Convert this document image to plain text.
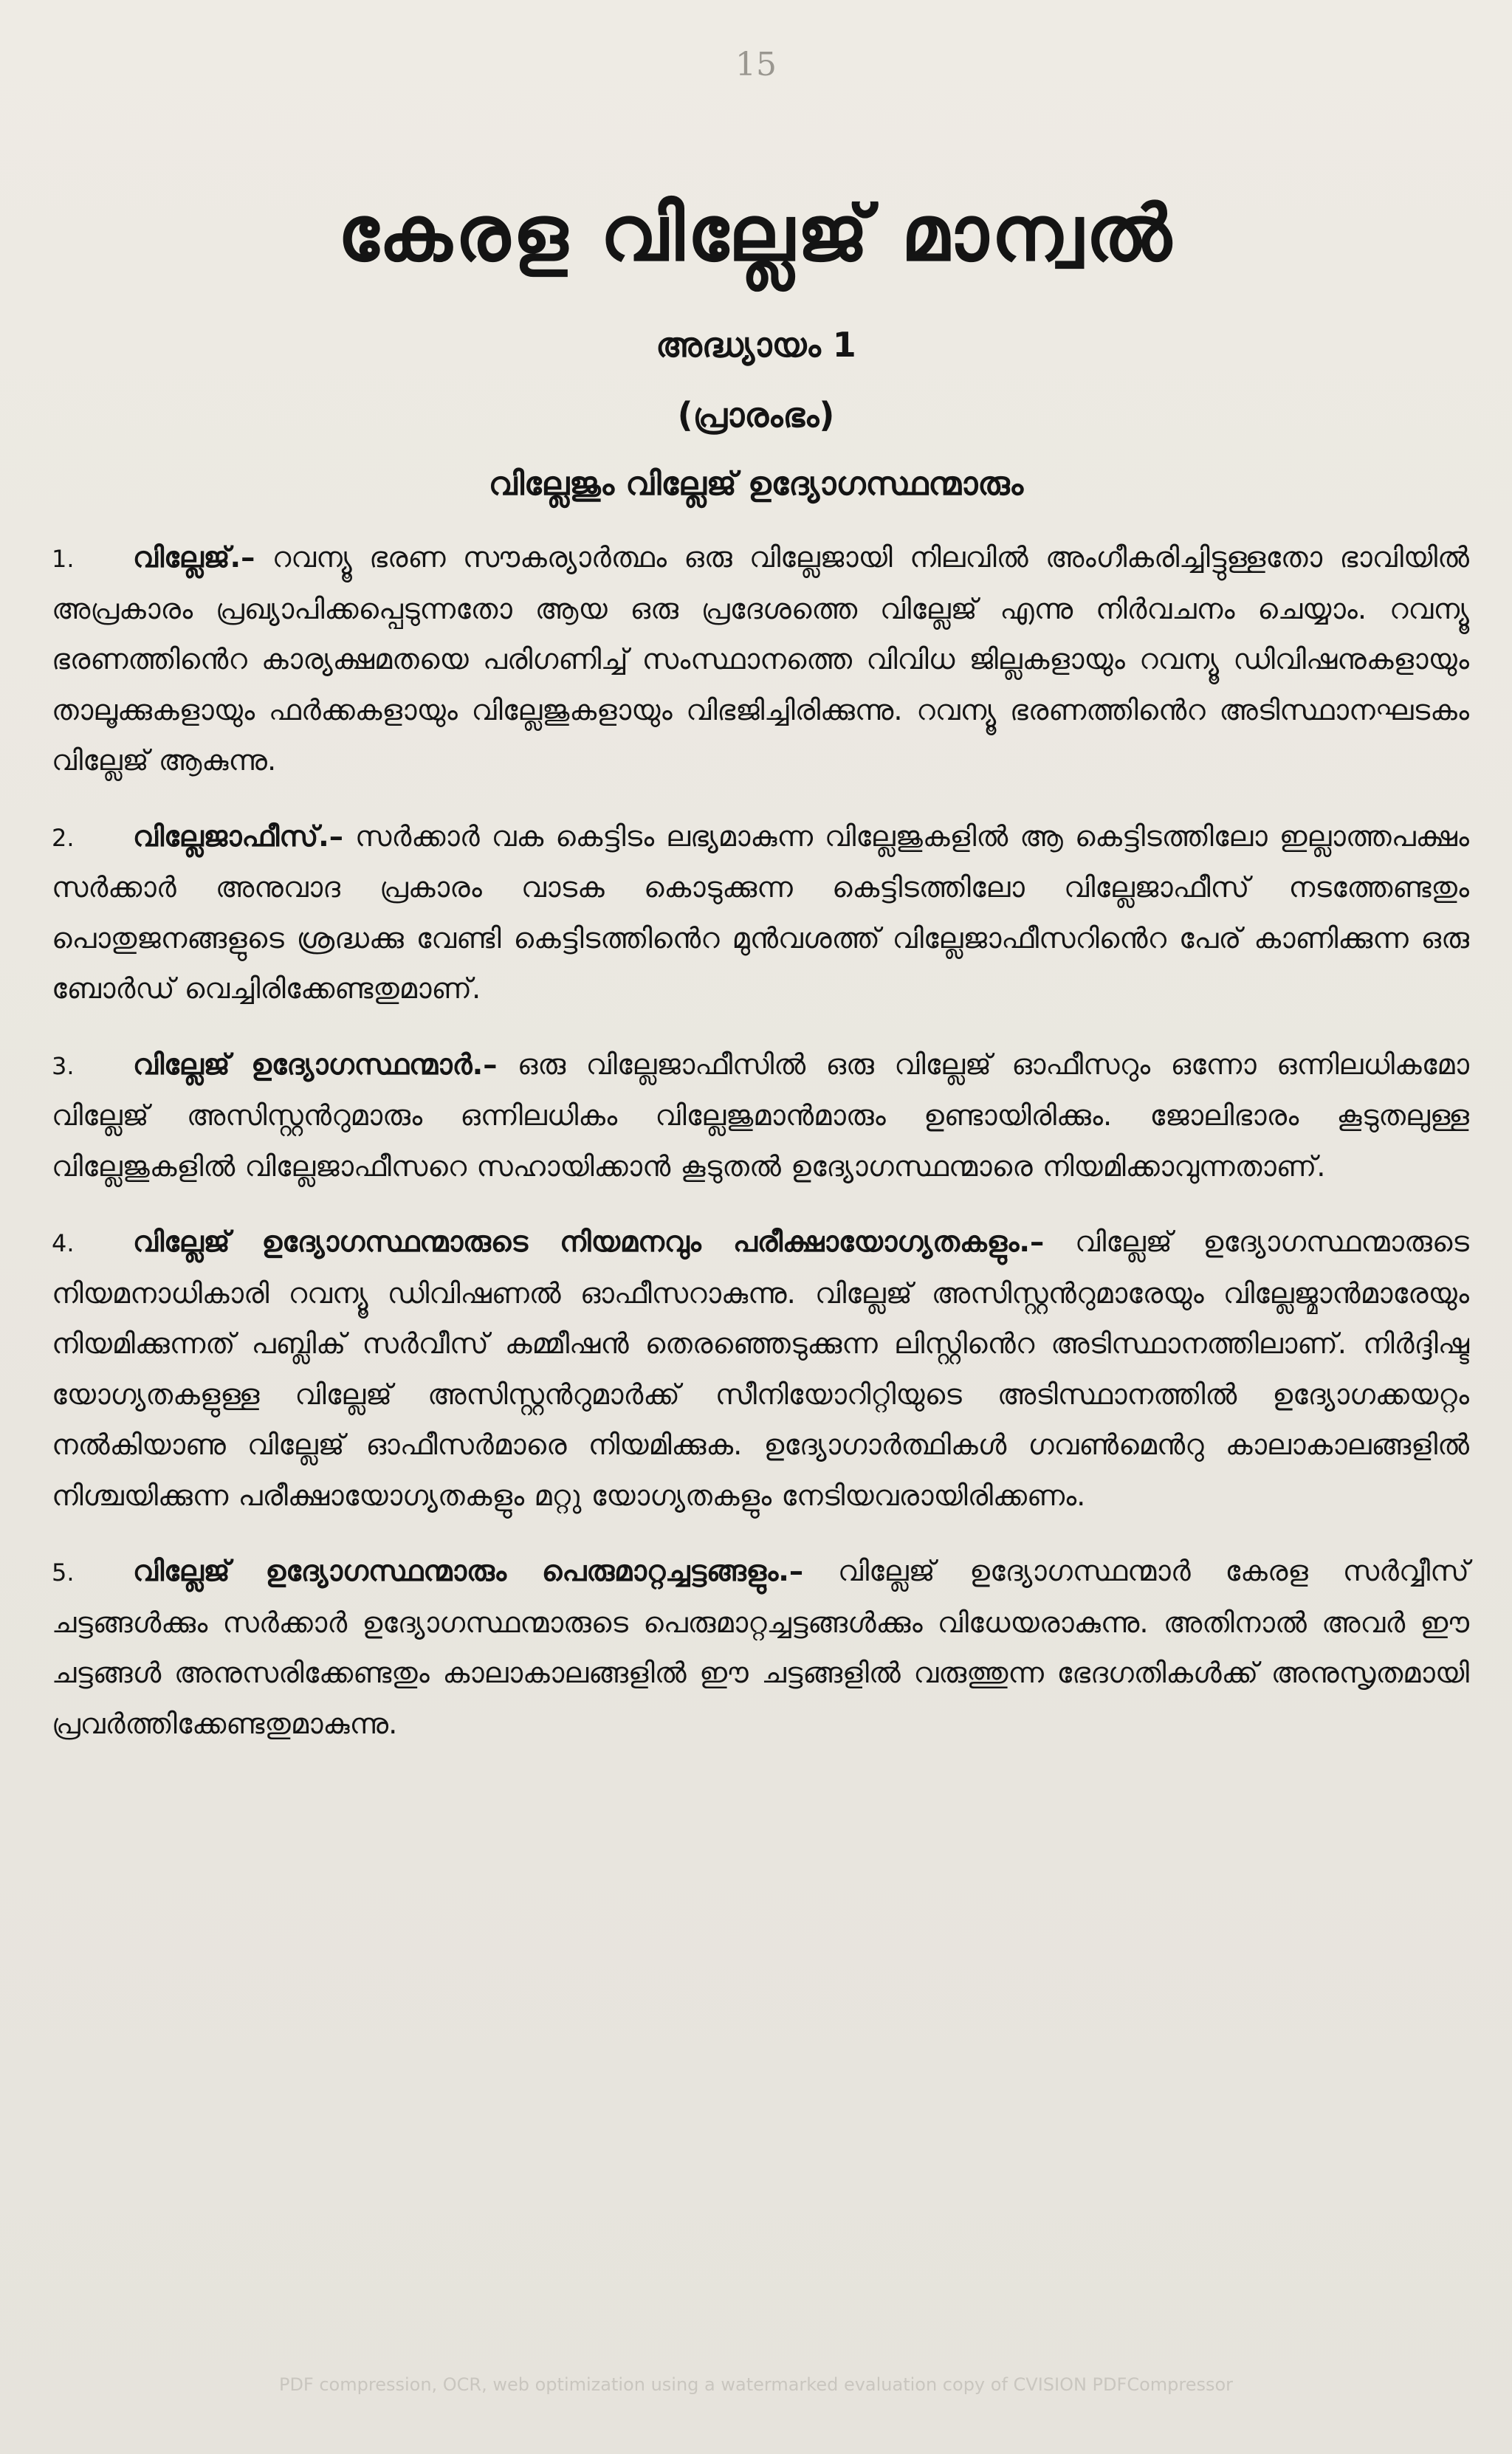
15
കേരള വില്ലേജ് മാന്വൽ
അദ്ധ്യായം 1
(പ്രാരംഭം)
വില്ലേജും വില്ലേജ് ഉദ്യോഗസ്ഥന്മാരും

1. വില്ലേജ്.– റവന്യൂ ഭരണ സൗകര്യാർത്ഥം ഒരു വില്ലേജായി നിലവിൽ അംഗീകരിച്ചിട്ടുള്ളതോ ഭാവിയിൽ അപ്രകാരം പ്രഖ്യാപിക്കപ്പെടുന്നതോ ആയ ഒരു പ്രദേശത്തെ വില്ലേജ് എന്നു നിർവചനം ചെയ്യാം. റവന്യൂ ഭരണത്തിൻെറ കാര്യക്ഷമതയെ പരിഗണിച്ച് സംസ്ഥാനത്തെ വിവിധ ജില്ലകളായും റവന്യൂ ഡിവിഷനുകളായും താലൂക്കുകളായും ഫർക്കകളായും വില്ലേജുകളായും വിഭജിച്ചിരിക്കുന്നു. റവന്യൂ ഭരണത്തിൻെറ അടിസ്ഥാനഘടകം വില്ലേജ് ആകുന്നു.

2. വില്ലേജാഫീസ്.– സർക്കാർ വക കെട്ടിടം ലഭ്യമാകുന്ന വില്ലേജുകളിൽ ആ കെട്ടിടത്തിലോ ഇല്ലാത്തപക്ഷം സർക്കാർ അനുവാദ പ്രകാരം വാടക കൊടുക്കുന്ന കെട്ടിടത്തിലോ വില്ലേജാഫീസ് നടത്തേണ്ടതും പൊതുജനങ്ങളുടെ ശ്രദ്ധക്കു വേണ്ടി കെട്ടിടത്തിൻെറ മുൻവശത്ത് വില്ലേജാഫീസറിൻെറ പേര് കാണിക്കുന്ന ഒരു ബോർഡ് വെച്ചിരിക്കേണ്ടതുമാണ്.

3. വില്ലേജ് ഉദ്യോഗസ്ഥന്മാർ.– ഒരു വില്ലേജാഫീസിൽ ഒരു വില്ലേജ് ഓഫീസറും ഒന്നോ ഒന്നിലധികമോ വില്ലേജ് അസിസ്റ്റൻറുമാരും ഒന്നിലധികം വില്ലേജുമാൻമാരും ഉണ്ടായിരിക്കും. ജോലിഭാരം കൂടുതലുള്ള വില്ലേജുകളിൽ വില്ലേജാഫീസറെ സഹായിക്കാൻ കൂടുതൽ ഉദ്യോഗസ്ഥന്മാരെ നിയമിക്കാവുന്നതാണ്.

4. വില്ലേജ് ഉദ്യോഗസ്ഥന്മാരുടെ നിയമനവും പരീക്ഷായോഗ്യതകളും.– വില്ലേജ് ഉദ്യോഗസ്ഥന്മാരുടെ നിയമനാധികാരി റവന്യൂ ഡിവിഷണൽ ഓഫീസറാകുന്നു. വില്ലേജ് അസിസ്റ്റൻറുമാരേയും വില്ലേജ്മാൻമാരേയും നിയമിക്കുന്നത് പബ്ലിക് സർവീസ് കമ്മീഷൻ തെരഞ്ഞെടുക്കുന്ന ലിസ്റ്റിൻെറ അടിസ്ഥാനത്തിലാണ്. നിർദ്ദിഷ്ട യോഗ്യതകളുള്ള വില്ലേജ് അസിസ്റ്റൻറുമാർക്ക് സീനിയോറിറ്റിയുടെ അടിസ്ഥാനത്തിൽ ഉദ്യോഗക്കയറ്റം നൽകിയാണു വില്ലേജ് ഓഫീസർമാരെ നിയമിക്കുക. ഉദ്യോഗാർത്ഥികൾ ഗവൺമെൻറു കാലാകാലങ്ങളിൽ നിശ്ചയിക്കുന്ന പരീക്ഷായോഗ്യതകളും മറ്റു യോഗ്യതകളും നേടിയവരായിരിക്കണം.

5. വില്ലേജ് ഉദ്യോഗസ്ഥന്മാരും പെരുമാറ്റച്ചട്ടങ്ങളും.– വില്ലേജ് ഉദ്യോഗസ്ഥന്മാർ കേരള സർവ്വീസ് ചട്ടങ്ങൾക്കും സർക്കാർ ഉദ്യോഗസ്ഥന്മാരുടെ പെരുമാറ്റച്ചട്ടങ്ങൾക്കും വിധേയരാകുന്നു. അതിനാൽ അവർ ഈ ചട്ടങ്ങൾ അനുസരിക്കേണ്ടതും കാലാകാലങ്ങളിൽ ഈ ചട്ടങ്ങളിൽ വരുത്തുന്ന ഭേദഗതികൾക്ക് അനുസൃതമായി പ്രവർത്തിക്കേണ്ടതുമാകുന്നു.

PDF compression, OCR, web optimization using a watermarked evaluation copy of CVISION PDFCompressor
